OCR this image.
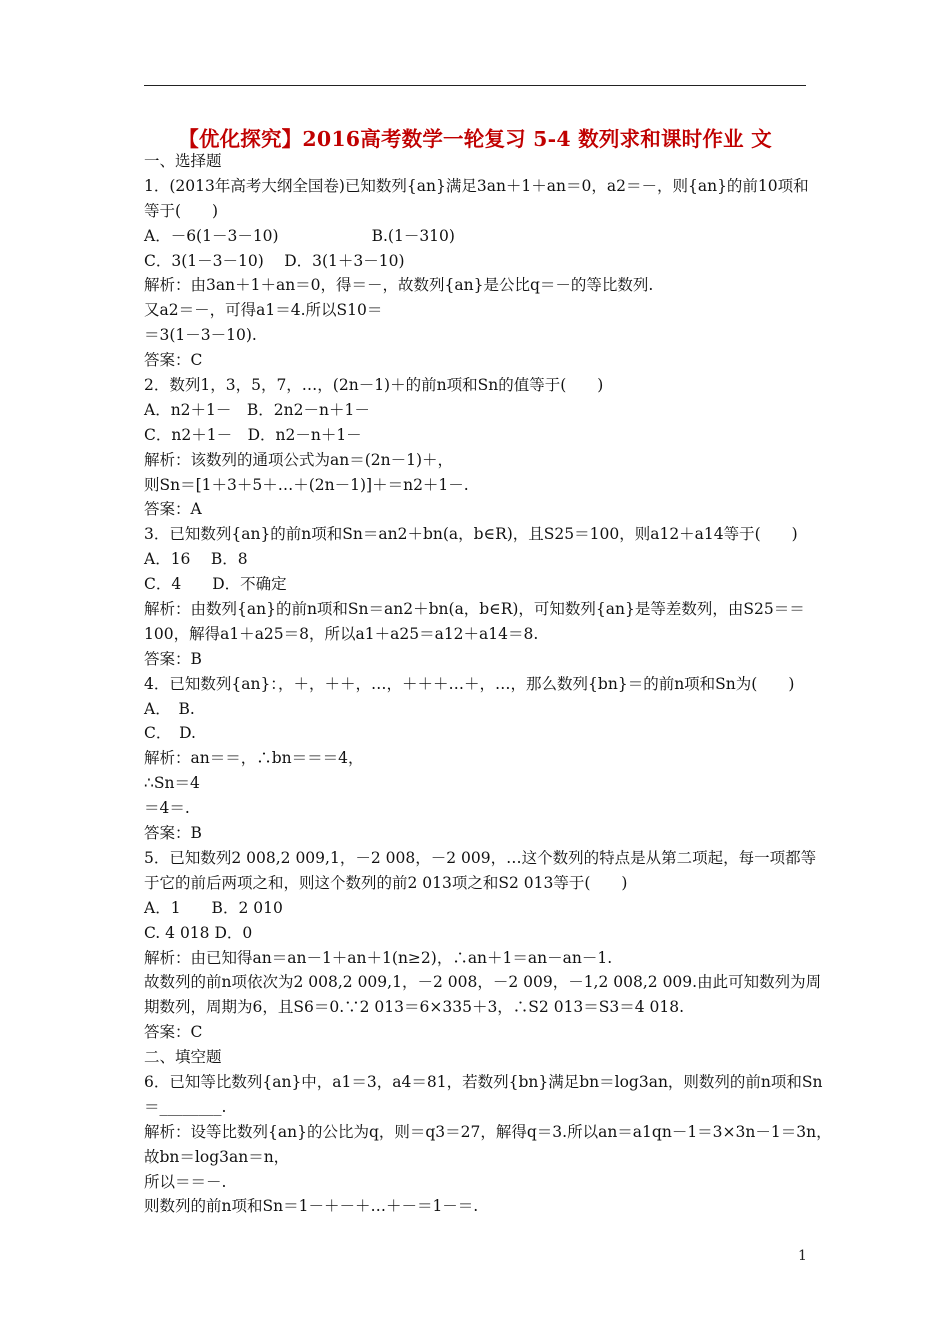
【优化探究】2016高考数学一轮复习 5-4 数列求和课时作业 文
一、选择题
1．(2013年高考大纲全国卷)已知数列{an}满足3an＋1＋an＝0，a2＝－，则{an}的前10项和
等于(　　)
A．－6(1－3－10)　　　　　　B.(1－310)
C．3(1－3－10)　 D．3(1＋3－10)
解析：由3an＋1＋an＝0，得＝－，故数列{an}是公比q＝－的等比数列.
又a2＝－，可得a1＝4.所以S10＝
＝3(1－3－10).
答案：C
2．数列1，3，5，7，…，(2n－1)＋的前n项和Sn的值等于(　　)
A．n2＋1－　B．2n2－n＋1－
C．n2＋1－　D．n2－n＋1－
解析：该数列的通项公式为an＝(2n－1)＋，
则Sn＝[1＋3＋5＋…＋(2n－1)]＋＝n2＋1－.
答案：A
3．已知数列{an}的前n项和Sn＝an2＋bn(a，b∈R)，且S25＝100，则a12＋a14等于(　　)
A．16　 B．8
C．4　　D．不确定
解析：由数列{an}的前n项和Sn＝an2＋bn(a，b∈R)，可知数列{an}是等差数列，由S25＝＝
100，解得a1＋a25＝8，所以a1＋a25＝a12＋a14＝8.
答案：B
4．已知数列{an}：，＋，＋＋，…，＋＋＋…＋，…，那么数列{bn}＝的前n项和Sn为(　　)
A．　B.
C．　D.
解析：an＝＝，∴bn＝＝＝4，
∴Sn＝4
＝4＝.
答案：B
5．已知数列2 008,2 009,1，－2 008，－2 009，…这个数列的特点是从第二项起，每一项都等
于它的前后两项之和，则这个数列的前2 013项之和S2 013等于(　　)
A．1　　B．2 010
C. 4 018 D．0
解析：由已知得an＝an－1＋an＋1(n≥2)，∴an＋1＝an－an－1.
故数列的前n项依次为2 008,2 009,1，－2 008，－2 009，－1,2 008,2 009.由此可知数列为周
期数列，周期为6，且S6＝0.∵2 013＝6×335＋3，∴S2 013＝S3＝4 018.
答案：C
二、填空题
6．已知等比数列{an}中，a1＝3，a4＝81，若数列{bn}满足bn＝log3an，则数列的前n项和Sn
＝________.
解析：设等比数列{an}的公比为q，则＝q3＝27，解得q＝3.所以an＝a1qn－1＝3×3n－1＝3n，
故bn＝log3an＝n，
所以＝＝－.
则数列的前n项和Sn＝1－＋－＋…＋－＝1－＝.
1
